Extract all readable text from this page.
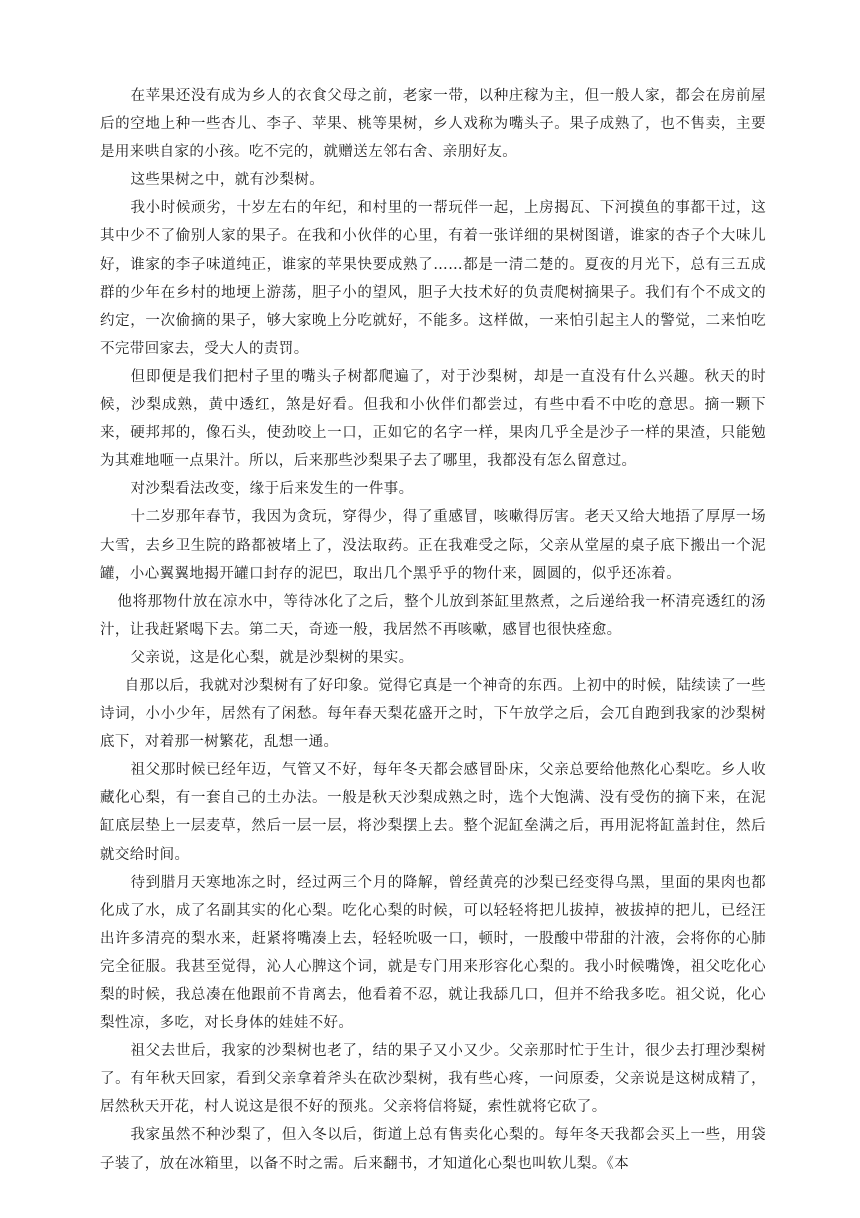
在苹果还没有成为乡人的衣食父母之前，老家一带，以种庄稼为主，但一般人家，都会在房前屋后的空地上种一些杏儿、李子、苹果、桃等果树，乡人戏称为嘴头子。果子成熟了，也不售卖，主要是用来哄自家的小孩。吃不完的，就赠送左邻右舍、亲朋好友。

这些果树之中，就有沙梨树。

我小时候顽劣，十岁左右的年纪，和村里的一帮玩伴一起，上房揭瓦、下河摸鱼的事都干过，这其中少不了偷别人家的果子。在我和小伙伴的心里，有着一张详细的果树图谱，谁家的杏子个大味儿好，谁家的李子味道纯正，谁家的苹果快要成熟了……都是一清二楚的。夏夜的月光下，总有三五成群的少年在乡村的地埂上游荡，胆子小的望风，胆子大技术好的负责爬树摘果子。我们有个不成文的约定，一次偷摘的果子，够大家晚上分吃就好，不能多。这样做，一来怕引起主人的警觉，二来怕吃不完带回家去，受大人的责罚。

但即便是我们把村子里的嘴头子树都爬遍了，对于沙梨树，却是一直没有什么兴趣。秋天的时候，沙梨成熟，黄中透红，煞是好看。但我和小伙伴们都尝过，有些中看不中吃的意思。摘一颗下来，硬邦邦的，像石头，使劲咬上一口，正如它的名字一样，果肉几乎全是沙子一样的果渣，只能勉为其难地咂一点果汁。所以，后来那些沙梨果子去了哪里，我都没有怎么留意过。

对沙梨看法改变，缘于后来发生的一件事。

十二岁那年春节，我因为贪玩，穿得少，得了重感冒，咳嗽得厉害。老天又给大地捂了厚厚一场大雪，去乡卫生院的路都被堵上了，没法取药。正在我难受之际，父亲从堂屋的桌子底下搬出一个泥罐，小心翼翼地揭开罐口封存的泥巴，取出几个黑乎乎的物什来，圆圆的，似乎还冻着。

他将那物什放在凉水中，等待冰化了之后，整个儿放到茶缸里熬煮，之后递给我一杯清亮透红的汤汁，让我赶紧喝下去。第二天，奇迹一般，我居然不再咳嗽，感冒也很快痊愈。

父亲说，这是化心梨，就是沙梨树的果实。

自那以后，我就对沙梨树有了好印象。觉得它真是一个神奇的东西。上初中的时候，陆续读了一些诗词，小小少年，居然有了闲愁。每年春天梨花盛开之时，下午放学之后，会兀自跑到我家的沙梨树底下，对着那一树繁花，乱想一通。

祖父那时候已经年迈，气管又不好，每年冬天都会感冒卧床，父亲总要给他熬化心梨吃。乡人收藏化心梨，有一套自己的土办法。一般是秋天沙梨成熟之时，选个大饱满、没有受伤的摘下来，在泥缸底层垫上一层麦草，然后一层一层，将沙梨摆上去。整个泥缸垒满之后，再用泥将缸盖封住，然后就交给时间。

待到腊月天寒地冻之时，经过两三个月的降解，曾经黄亮的沙梨已经变得乌黑，里面的果肉也都化成了水，成了名副其实的化心梨。吃化心梨的时候，可以轻轻将把儿拔掉，被拔掉的把儿，已经汪出许多清亮的梨水来，赶紧将嘴凑上去，轻轻吮吸一口，顿时，一股酸中带甜的汁液，会将你的心肺完全征服。我甚至觉得，沁人心脾这个词，就是专门用来形容化心梨的。我小时候嘴馋，祖父吃化心梨的时候，我总凑在他跟前不肯离去，他看着不忍，就让我舔几口，但并不给我多吃。祖父说，化心梨性凉，多吃，对长身体的娃娃不好。

祖父去世后，我家的沙梨树也老了，结的果子又小又少。父亲那时忙于生计，很少去打理沙梨树了。有年秋天回家，看到父亲拿着斧头在砍沙梨树，我有些心疼，一问原委，父亲说是这树成精了，居然秋天开花，村人说这是很不好的预兆。父亲将信将疑，索性就将它砍了。

我家虽然不种沙梨了，但入冬以后，街道上总有售卖化心梨的。每年冬天我都会买上一些，用袋子装了，放在冰箱里，以备不时之需。后来翻书，才知道化心梨也叫软儿梨。《本
